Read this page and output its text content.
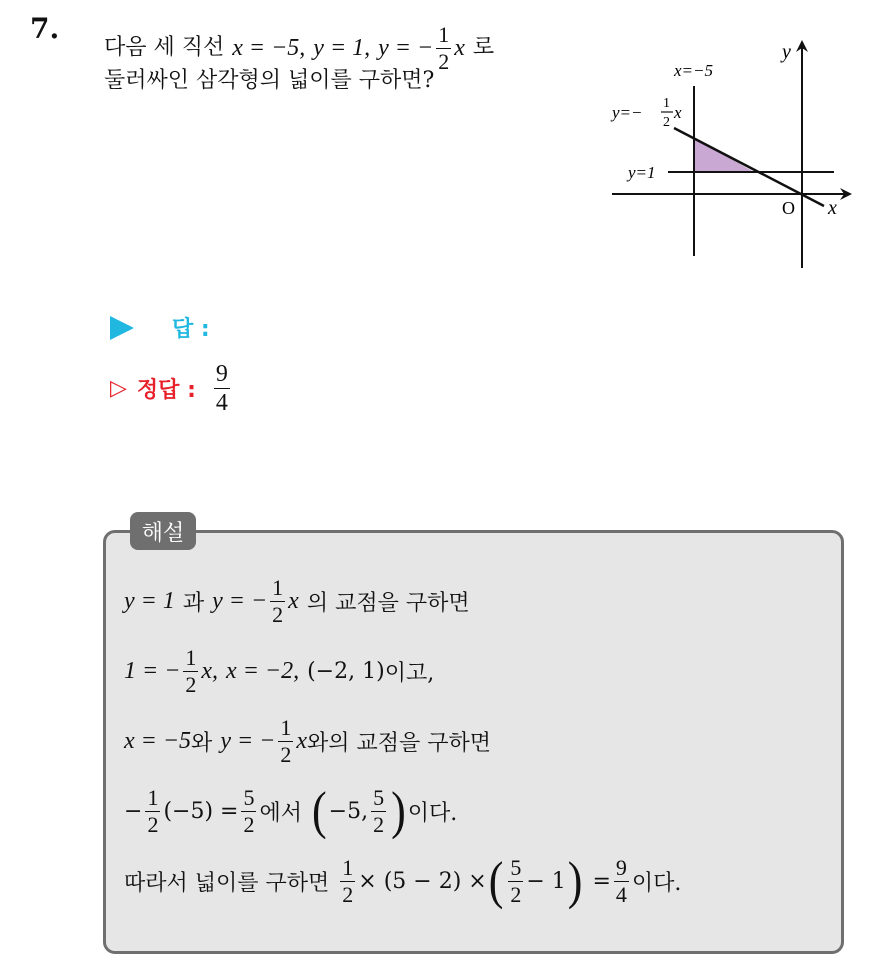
7.
다음 세 직선 x = −5, y = 1, y = − $\frac{1}{2}$ x 로
둘러싸인 삼각형의 넓이를 구하면?
y
x
O
x=−5
y=1
y=− 1
2
x
답 :
▷ 정답 : $\frac{9}{4}$
해설
y = 1 과 y = − $\frac{1}{2}$ x 의 교점을 구하면
1 = − $\frac{1}{2} x$, x = −2, (−2, 1) 이고,
x = −5 와 y = − $\frac{1}{2}$ x 와의 교점을 구하면
− $\frac{1}{2} (-5) = \frac{5}{2}$ 에서 ( −5, $\frac{5}{2}$ ) 이다.
따라서 넓이를 구하면 $\frac{1}{2} \times (5 - 2)$ × ( $\frac{5}{2} - 1$ ) = $\frac{9}{4}$ 이다.
